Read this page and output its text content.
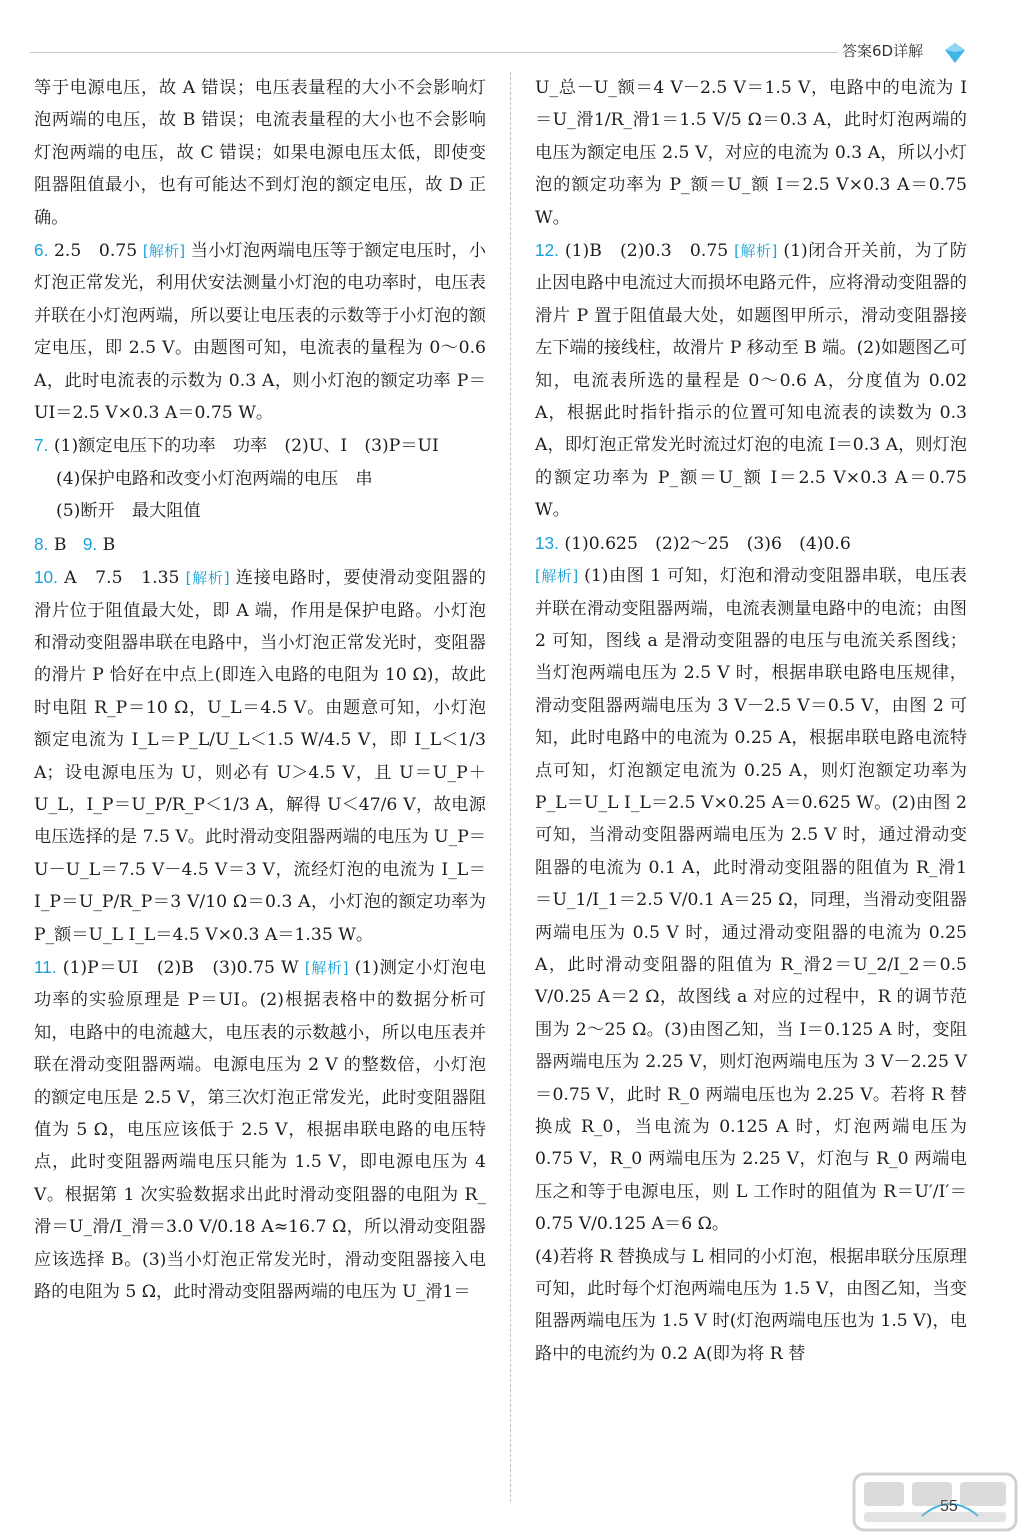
答案6D详解

等于电源电压，故 A 错误；电压表量程的大小不会影响灯泡两端的电压，故 B 错误；电流表量程的大小也不会影响灯泡两端的电压，故 C 错误；如果电源电压太低，即使变阻器阻值最小，也有可能达不到灯泡的额定电压，故 D 正确。

6. 2.5　0.75 [ 解析 ] 当小灯泡两端电压等于额定电压时，小灯泡正常发光，利用伏安法测量小灯泡的电功率时，电压表并联在小灯泡两端，所以要让电压表的示数等于小灯泡的额定电压，即 2.5 V。由题图可知，电流表的量程为 0～0.6 A，此时电流表的示数为 0.3 A，则小灯泡的额定功率 P＝UI＝2.5 V×0.3 A＝0.75 W。

7. (1)额定电压下的功率　功率　(2)U、I　(3)P＝UI

(4)保护电路和改变小灯泡两端的电压　串

(5)断开　最大阻值

8. B 9. B

10. A　7.5　1.35 [ 解析 ] 连接电路时，要使滑动变阻器的滑片位于阻值最大处，即 A 端，作用是保护电路。小灯泡和滑动变阻器串联在电路中，当小灯泡正常发光时，变阻器的滑片 P 恰好在中点上(即连入电路的电阻为 10 Ω)，故此时电阻 R_P＝10 Ω，U_L＝4.5 V。由题意可知，小灯泡额定电流为 I_L＝P_L/U_L＜1.5 W/4.5 V，即 I_L＜1/3 A；设电源电压为 U，则必有 U＞4.5 V，且 U＝U_P＋U_L，I_P＝U_P/R_P＜1/3 A，解得 U＜47/6 V，故电源电压选择的是 7.5 V。此时滑动变阻器两端的电压为 U_P＝U－U_L＝7.5 V－4.5 V＝3 V，流经灯泡的电流为 I_L＝I_P＝U_P/R_P＝3 V/10 Ω＝0.3 A，小灯泡的额定功率为 P_额＝U_L I_L＝4.5 V×0.3 A＝1.35 W。

11. (1)P＝UI　(2)B　(3)0.75 W [ 解析 ] (1)测定小灯泡电功率的实验原理是 P＝UI。(2)根据表格中的数据分析可知，电路中的电流越大，电压表的示数越小，所以电压表并联在滑动变阻器两端。电源电压为 2 V 的整数倍，小灯泡的额定电压是 2.5 V，第三次灯泡正常发光，此时变阻器阻值为 5 Ω，电压应该低于 2.5 V，根据串联电路的电压特点，此时变阻器两端电压只能为 1.5 V，即电源电压为 4 V。根据第 1 次实验数据求出此时滑动变阻器的电阻为 R_滑＝U_滑/I_滑＝3.0 V/0.18 A≈16.7 Ω，所以滑动变阻器应该选择 B。(3)当小灯泡正常发光时，滑动变阻器接入电路的电阻为 5 Ω，此时滑动变阻器两端的电压为 U_滑1＝

U_总－U_额＝4 V－2.5 V＝1.5 V，电路中的电流为 I＝U_滑1/R_滑1＝1.5 V/5 Ω＝0.3 A，此时灯泡两端的电压为额定电压 2.5 V，对应的电流为 0.3 A，所以小灯泡的额定功率为 P_额＝U_额 I＝2.5 V×0.3 A＝0.75 W。

12. (1)B　(2)0.3　0.75 [ 解析 ] (1)闭合开关前，为了防止因电路中电流过大而损坏电路元件，应将滑动变阻器的滑片 P 置于阻值最大处，如题图甲所示，滑动变阻器接左下端的接线柱，故滑片 P 移动至 B 端。(2)如题图乙可知，电流表所选的量程是 0～0.6 A，分度值为 0.02 A，根据此时指针指示的位置可知电流表的读数为 0.3 A，即灯泡正常发光时流过灯泡的电流 I＝0.3 A，则灯泡的额定功率为 P_额＝U_额 I＝2.5 V×0.3 A＝0.75 W。

13. (1)0.625　(2)2～25　(3)6　(4)0.6

[ 解析 ] (1)由图 1 可知，灯泡和滑动变阻器串联，电压表并联在滑动变阻器两端，电流表测量电路中的电流；由图 2 可知，图线 a 是滑动变阻器的电压与电流关系图线；当灯泡两端电压为 2.5 V 时，根据串联电路电压规律，滑动变阻器两端电压为 3 V－2.5 V＝0.5 V，由图 2 可知，此时电路中的电流为 0.25 A，根据串联电路电流特点可知，灯泡额定电流为 0.25 A，则灯泡额定功率为 P_L＝U_L I_L＝2.5 V×0.25 A＝0.625 W。(2)由图 2 可知，当滑动变阻器两端电压为 2.5 V 时，通过滑动变阻器的电流为 0.1 A，此时滑动变阻器的阻值为 R_滑1＝U_1/I_1＝2.5 V/0.1 A＝25 Ω，同理，当滑动变阻器两端电压为 0.5 V 时，通过滑动变阻器的电流为 0.25 A，此时滑动变阻器的阻值为 R_滑2＝U_2/I_2＝0.5 V/0.25 A＝2 Ω，故图线 a 对应的过程中，R 的调节范围为 2～25 Ω。(3)由图乙知，当 I＝0.125 A 时，变阻器两端电压为 2.25 V，则灯泡两端电压为 3 V－2.25 V＝0.75 V，此时 R_0 两端电压也为 2.25 V。若将 R 替换成 R_0，当电流为 0.125 A 时，灯泡两端电压为 0.75 V，R_0 两端电压为 2.25 V，灯泡与 R_0 两端电压之和等于电源电压，则 L 工作时的阻值为 R＝U′/I′＝0.75 V/0.125 A＝6 Ω。

(4)若将 R 替换成与 L 相同的小灯泡，根据串联分压原理可知，此时每个灯泡两端电压为 1.5 V，由图乙知，当变阻器两端电压为 1.5 V 时(灯泡两端电压也为 1.5 V)，电路中的电流约为 0.2 A(即为将 R 替

55
